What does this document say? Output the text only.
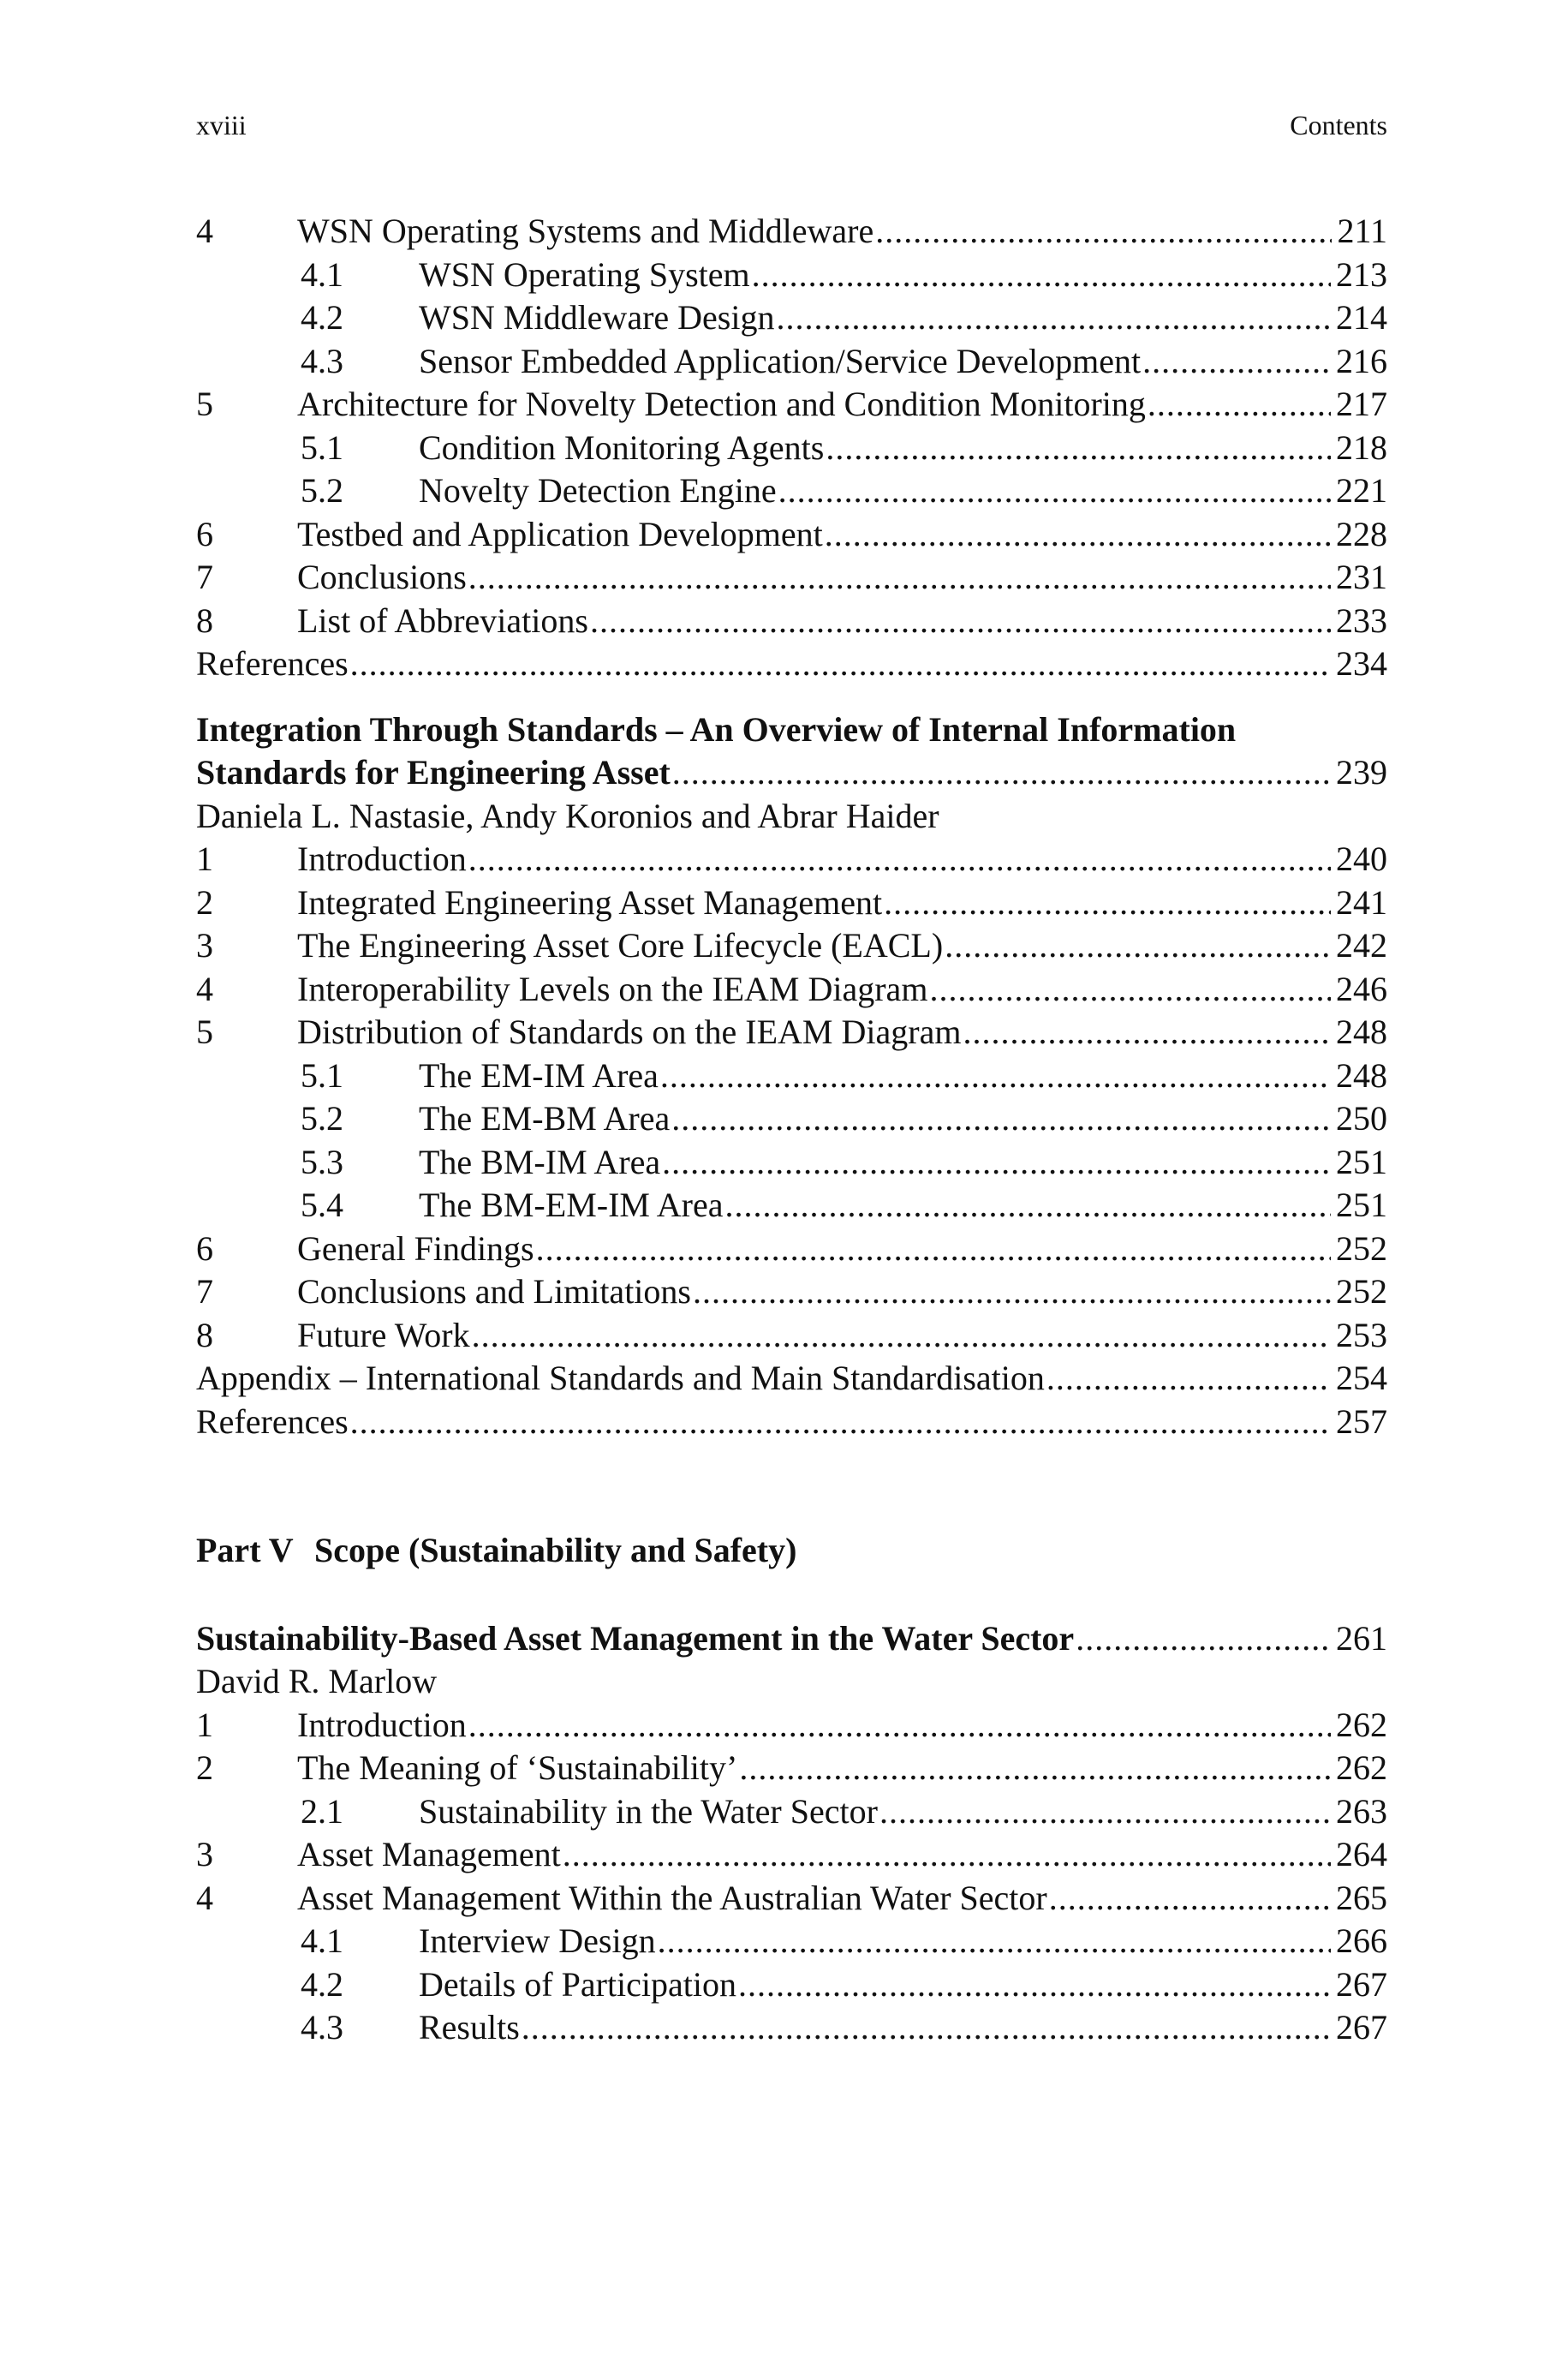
xviii	Contents
4 WSN Operating Systems and Middleware .....	211
4.1 WSN Operating System .....	213
4.2 WSN Middleware Design .....	214
4.3 Sensor Embedded Application/Service Development .....	216
5 Architecture for Novelty Detection and Condition Monitoring .....	217
5.1 Condition Monitoring Agents .....	218
5.2 Novelty Detection Engine .....	221
6 Testbed and Application Development .....	228
7 Conclusions .....	231
8 List of Abbreviations .....	233
References .....	234
Integration Through Standards – An Overview of Internal Information
Standards for Engineering Asset .....	239
Daniela L. Nastasie, Andy Koronios and Abrar Haider
1 Introduction .....	240
2 Integrated Engineering Asset Management .....	241
3 The Engineering Asset Core Lifecycle (EACL) .....	242
4 Interoperability Levels on the IEAM Diagram .....	246
5 Distribution of Standards on the IEAM Diagram .....	248
5.1 The EM-IM Area .....	248
5.2 The EM-BM Area .....	250
5.3 The BM-IM Area .....	251
5.4 The BM-EM-IM Area .....	251
6 General Findings .....	252
7 Conclusions and Limitations .....	252
8 Future Work .....	253
Appendix – International Standards and Main Standardisation .....	254
References .....	257
Part V Scope (Sustainability and Safety)
Sustainability-Based Asset Management in the Water Sector .....	261
David R. Marlow
1 Introduction .....	262
2 The Meaning of ‘Sustainability’ .....	262
2.1 Sustainability in the Water Sector .....	263
3 Asset Management .....	264
4 Asset Management Within the Australian Water Sector .....	265
4.1 Interview Design .....	266
4.2 Details of Participation .....	267
4.3 Results .....	267
